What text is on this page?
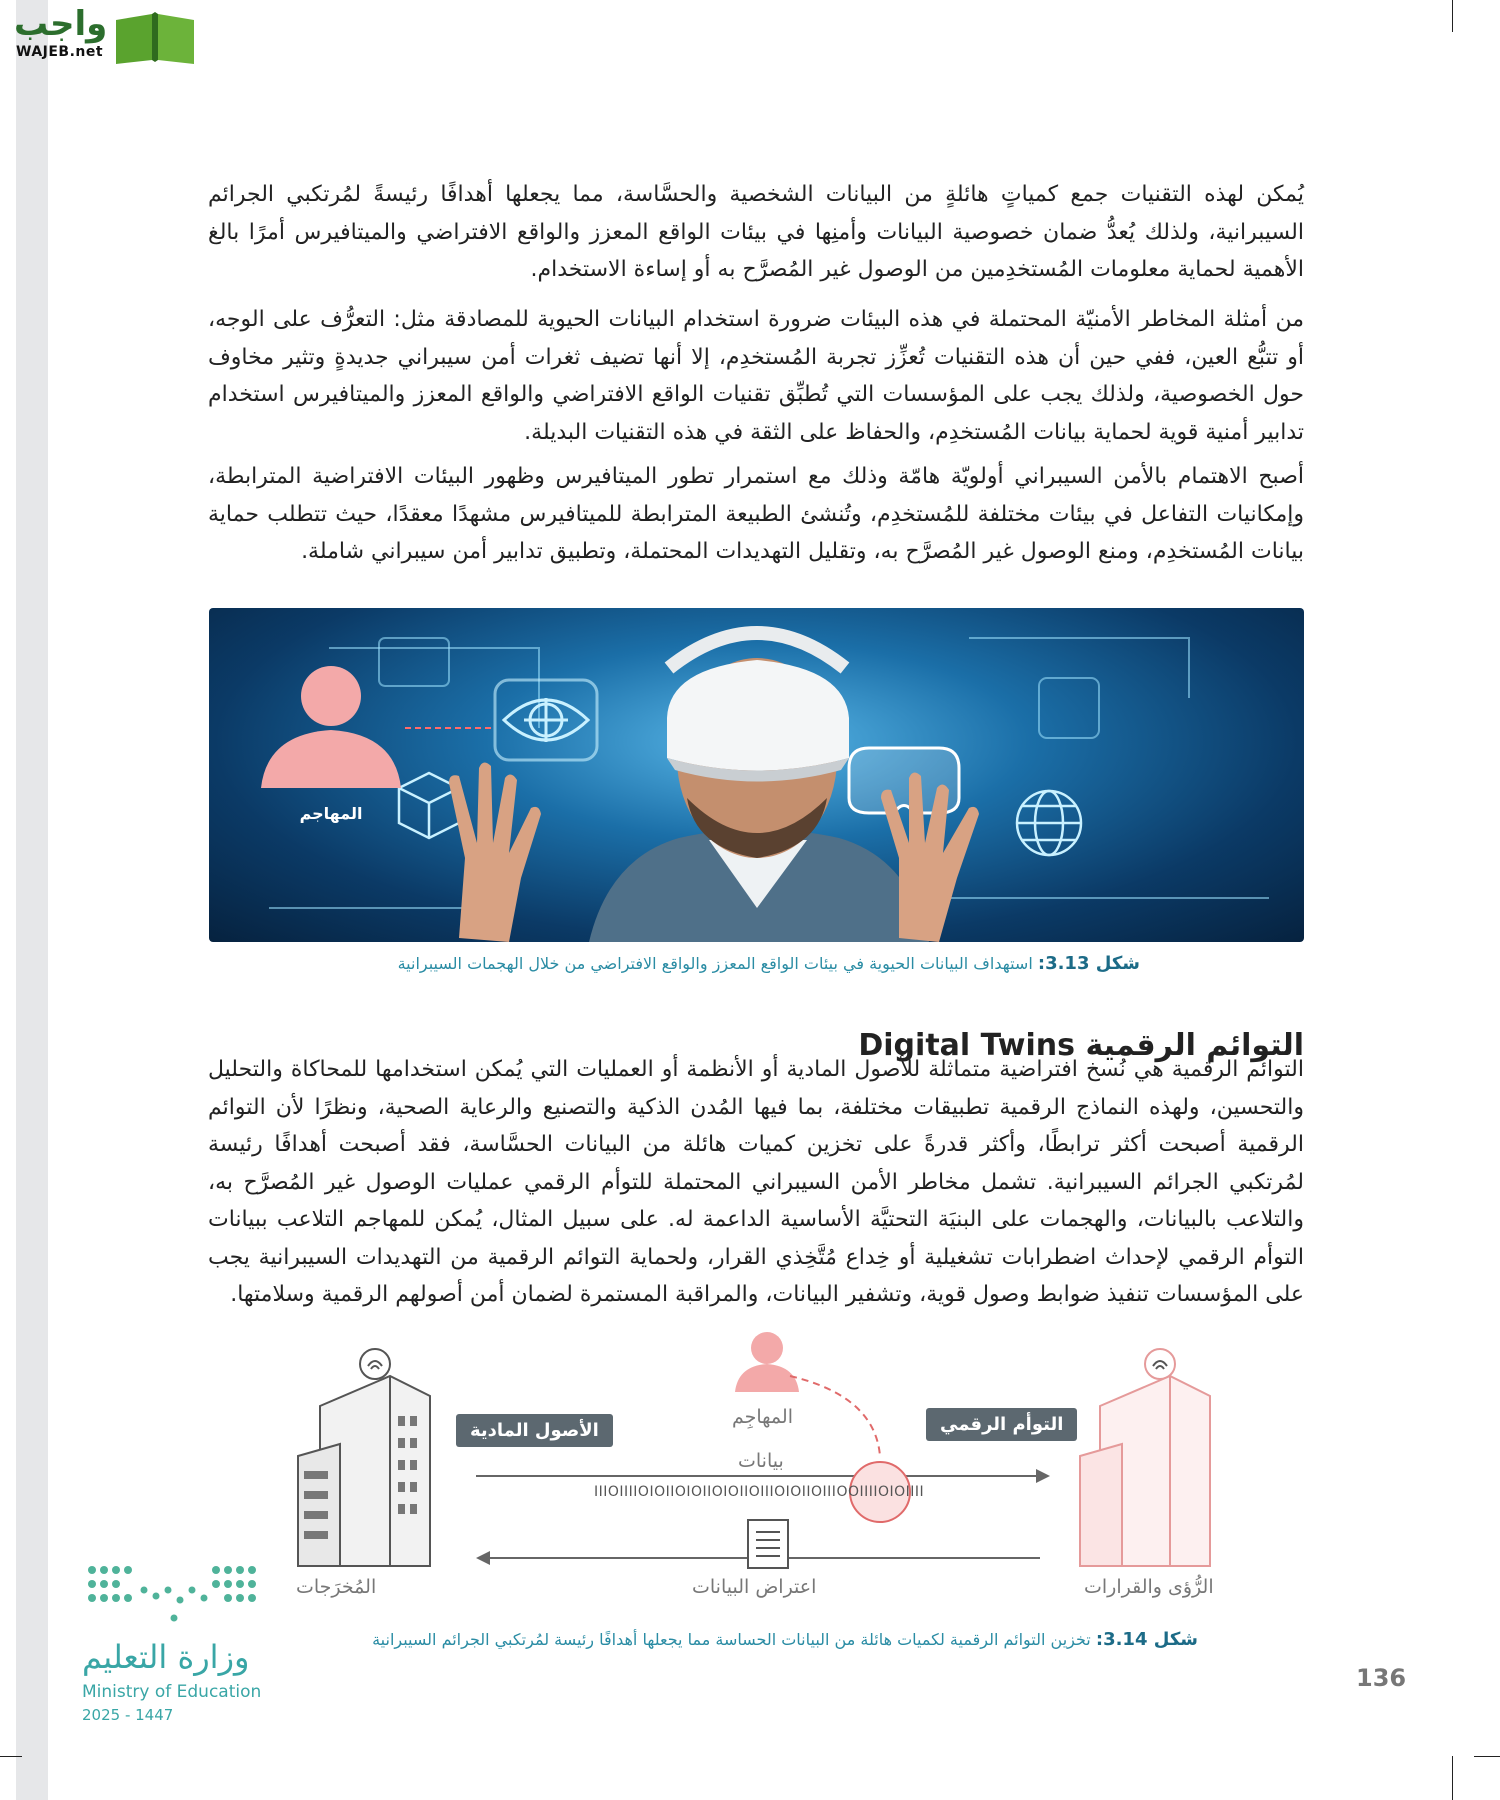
واجب
WAJEB.net
يُمكن لهذه التقنيات جمع كمياتٍ هائلةٍ من البيانات الشخصية والحسَّاسة، مما يجعلها أهدافًا رئيسةً لمُرتكبي الجرائم السيبرانية، ولذلك يُعدُّ ضمان خصوصية البيانات وأمنِها في بيئات الواقع المعزز والواقع الافتراضي والميتافيرس أمرًا بالغ الأهمية لحماية معلومات المُستخدِمين من الوصول غير المُصرَّح به أو إساءة الاستخدام.
من أمثلة المخاطر الأمنيّة المحتملة في هذه البيئات ضرورة استخدام البيانات الحيوية للمصادقة مثل: التعرُّف على الوجه، أو تتبُّع العين، ففي حين أن هذه التقنيات تُعزِّز تجربة المُستخدِم، إلا أنها تضيف ثغرات أمن سيبراني جديدةٍ وتثير مخاوف حول الخصوصية، ولذلك يجب على المؤسسات التي تُطبِّق تقنيات الواقع الافتراضي والواقع المعزز والميتافيرس استخدام تدابير أمنية قوية لحماية بيانات المُستخدِم، والحفاظ على الثقة في هذه التقنيات البديلة.
أصبح الاهتمام بالأمن السيبراني أولويّة هامّة وذلك مع استمرار تطور الميتافيرس وظهور البيئات الافتراضية المترابطة، وإمكانيات التفاعل في بيئات مختلفة للمُستخدِم، وتُنشئ الطبيعة المترابطة للميتافيرس مشهدًا معقدًا، حيث تتطلب حماية بيانات المُستخدِم، ومنع الوصول غير المُصرَّح به، وتقليل التهديدات المحتملة، وتطبيق تدابير أمن سيبراني شاملة.
المهاجم
شكل 3.13: استهداف البيانات الحيوية في بيئات الواقع المعزز والواقع الافتراضي من خلال الهجمات السيبرانية
التوائم الرقمية Digital Twins
التوائم الرقمية هي نُسخ افتراضية متماثلة للأصول المادية أو الأنظمة أو العمليات التي يُمكن استخدامها للمحاكاة والتحليل والتحسين، ولهذه النماذج الرقمية تطبيقات مختلفة، بما فيها المُدن الذكية والتصنيع والرعاية الصحية، ونظرًا لأن التوائم الرقمية أصبحت أكثر ترابطًا، وأكثر قدرةً على تخزين كميات هائلة من البيانات الحسَّاسة، فقد أصبحت أهدافًا رئيسة لمُرتكبي الجرائم السيبرانية. تشمل مخاطر الأمن السيبراني المحتملة للتوأم الرقمي عمليات الوصول غير المُصرَّح به، والتلاعب بالبيانات، والهجمات على البنيَة التحتيَّة الأساسية الداعمة له. على سبيل المثال، يُمكن للمهاجم التلاعب ببيانات التوأم الرقمي لإحداث اضطرابات تشغيلية أو خِداع مُتَّخِذي القرار، ولحماية التوائم الرقمية من التهديدات السيبرانية يجب على المؤسسات تنفيذ ضوابط وصول قوية، وتشفير البيانات، والمراقبة المستمرة لضمان أمن أصولهم الرقمية وسلامتها.
الأصول المادية	التوأم الرقمي
المهاجِم
بيانات
IIIOIIIIOIOIIOIOIIOIOIIOIIIOIOIIOIIIOOIIIIOIOIIII
المُخرَجات	اعتراض البيانات	الرُّؤى والقرارات
شكل 3.14: تخزين التوائم الرقمية لكميات هائلة من البيانات الحساسة مما يجعلها أهدافًا رئيسة لمُرتكبي الجرائم السيبرانية
وزارة التعليم
Ministry of Education
2025 - 1447
136
